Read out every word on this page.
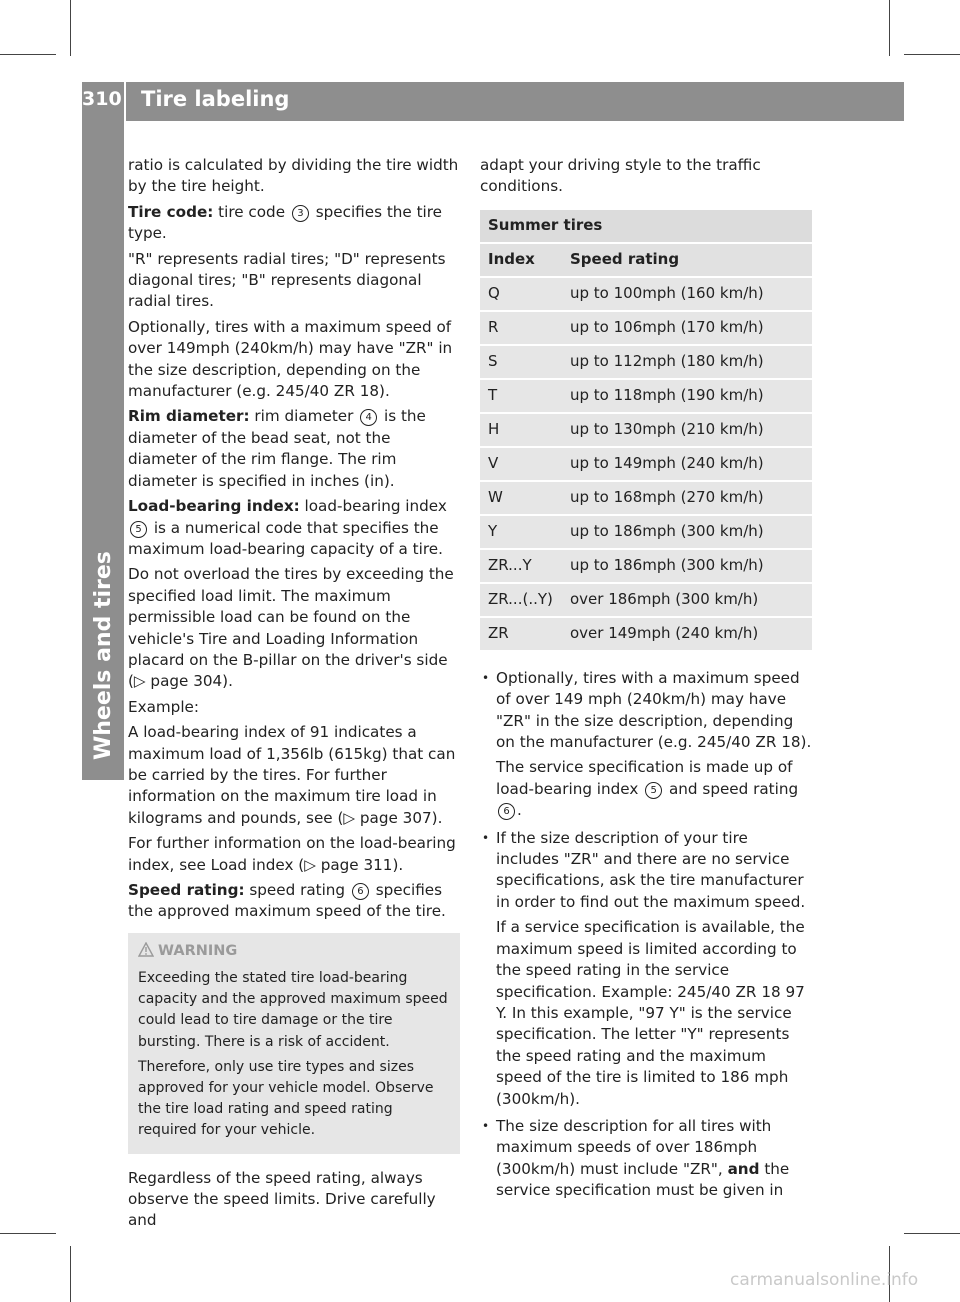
310 Tire labeling
Wheels and tires

ratio is calculated by dividing the tire width by the tire height.

Tire code: tire code 3 specifies the tire type.

"R" represents radial tires; "D" represents diagonal tires; "B" represents diagonal radial tires.

Optionally, tires with a maximum speed of over 149mph (240km/h) may have "ZR" in the size description, depending on the manufacturer (e.g. 245/40 ZR 18).

Rim diameter: rim diameter 4 is the diameter of the bead seat, not the diameter of the rim flange. The rim diameter is specified in inches (in).

Load-bearing index: load-bearing index 5 is a numerical code that specifies the maximum load-bearing capacity of a tire.

Do not overload the tires by exceeding the specified load limit. The maximum permissible load can be found on the vehicle's Tire and Loading Information placard on the B-pillar on the driver's side (▷ page 304).

Example:

A load-bearing index of 91 indicates a maximum load of 1,356lb (615kg) that can be carried by the tires. For further information on the maximum tire load in kilograms and pounds, see (▷ page 307).

For further information on the load-bearing index, see Load index (▷ page 311).

Speed rating: speed rating 6 specifies the approved maximum speed of the tire.

WARNING

Exceeding the stated tire load-bearing capacity and the approved maximum speed could lead to tire damage or the tire bursting. There is a risk of accident.

Therefore, only use tire types and sizes approved for your vehicle model. Observe the tire load rating and speed rating required for your vehicle.

Regardless of the speed rating, always observe the speed limits. Drive carefully and

adapt your driving style to the traffic conditions.

Summer tires	
Index	Speed rating
Q	up to 100mph (160 km/h)
R	up to 106mph (170 km/h)
S	up to 112mph (180 km/h)
T	up to 118mph (190 km/h)
H	up to 130mph (210 km/h)
V	up to 149mph (240 km/h)
W	up to 168mph (270 km/h)
Y	up to 186mph (300 km/h)
ZR...Y	up to 186mph (300 km/h)
ZR...(..Y)	over 186mph (300 km/h)
ZR	over 149mph (240 km/h)

• Optionally, tires with a maximum speed of over 149 mph (240km/h) may have "ZR" in the size description, depending on the manufacturer (e.g. 245/40 ZR 18).

The service specification is made up of load-bearing index 5 and speed rating
6 .

• If the size description of your tire includes "ZR" and there are no service specifications, ask the tire manufacturer in order to find out the maximum speed.

If a service specification is available, the maximum speed is limited according to the speed rating in the service specification. Example: 245/40 ZR 18 97 Y. In this example, "97 Y" is the service specification. The letter "Y" represents the speed rating and the maximum speed of the tire is limited to 186 mph (300km/h).

• The size description for all tires with maximum speeds of over 186mph (300km/h) must include "ZR", and the service specification must be given in

carmanualsonline.info
